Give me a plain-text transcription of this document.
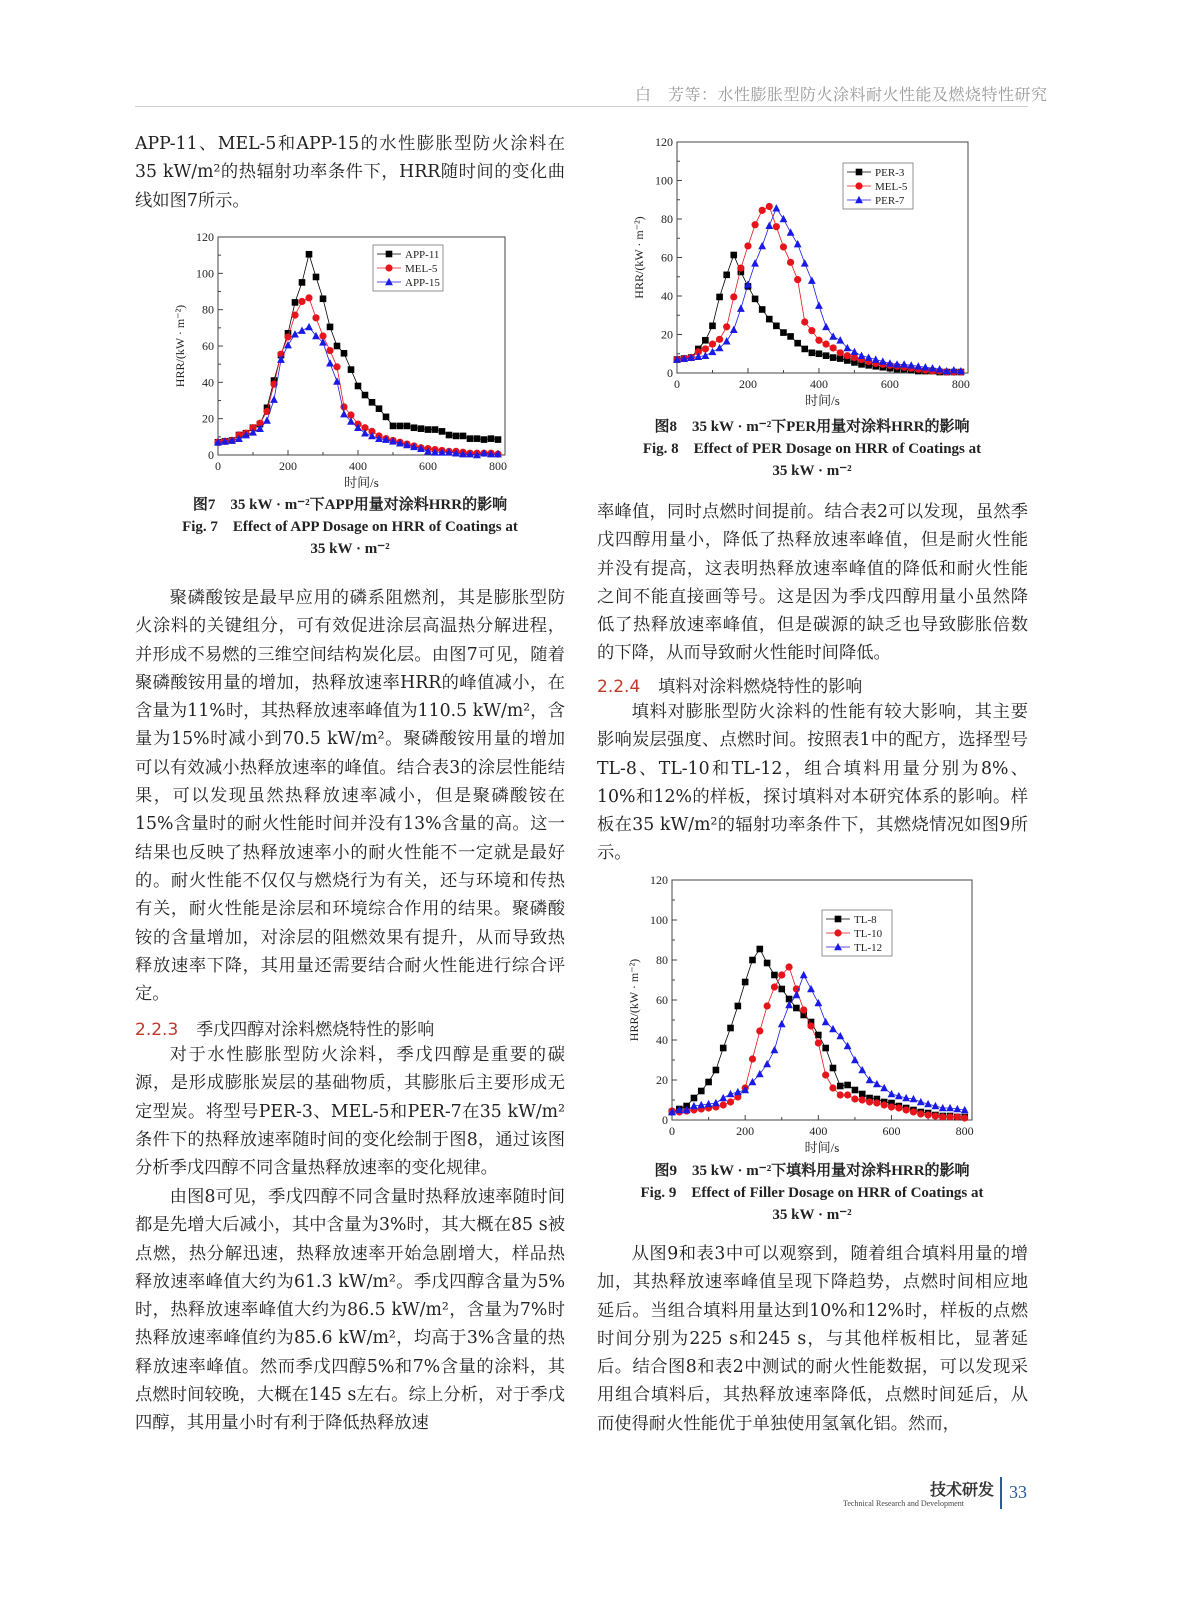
白　芳等：水性膨胀型防火涂料耐火性能及燃烧特性研究
APP-11、MEL-5和APP-15的水性膨胀型防火涂料在35 kW/m²的热辐射功率条件下，HRR随时间的变化曲线如图7所示。
0
20
40
60
80
100
120
0	200	400	600	800
时间/s
HRR/(kW · m⁻²)
APP-11
MEL-5
APP-15
图7　35 kW · m⁻²下APP用量对涂料HRR的影响
Fig. 7　Effect of APP Dosage on HRR of Coatings at
35 kW · m⁻²
聚磷酸铵是最早应用的磷系阻燃剂，其是膨胀型防火涂料的关键组分，可有效促进涂层高温热分解进程，并形成不易燃的三维空间结构炭化层。由图7可见，随着聚磷酸铵用量的增加，热释放速率HRR的峰值减小，在含量为11%时，其热释放速率峰值为110.5 kW/m²，含量为15%时减小到70.5 kW/m²。聚磷酸铵用量的增加可以有效减小热释放速率的峰值。结合表3的涂层性能结果，可以发现虽然热释放速率减小，但是聚磷酸铵在15%含量时的耐火性能时间并没有13%含量的高。这一结果也反映了热释放速率小的耐火性能不一定就是最好的。耐火性能不仅仅与燃烧行为有关，还与环境和传热有关，耐火性能是涂层和环境综合作用的结果。聚磷酸铵的含量增加，对涂层的阻燃效果有提升，从而导致热释放速率下降，其用量还需要结合耐火性能进行综合评定。
2.2.3 季戊四醇对涂料燃烧特性的影响
对于水性膨胀型防火涂料，季戊四醇是重要的碳源，是形成膨胀炭层的基础物质，其膨胀后主要形成无定型炭。将型号PER-3、MEL-5和PER-7在35 kW/m²条件下的热释放速率随时间的变化绘制于图8，通过该图分析季戊四醇不同含量热释放速率的变化规律。
由图8可见，季戊四醇不同含量时热释放速率随时间都是先增大后减小，其中含量为3%时，其大概在85 s被点燃，热分解迅速，热释放速率开始急剧增大，样品热释放速率峰值大约为61.3 kW/m²。季戊四醇含量为5%时，热释放速率峰值大约为86.5 kW/m²，含量为7%时热释放速率峰值约为85.6 kW/m²，均高于3%含量的热释放速率峰值。然而季戊四醇5%和7%含量的涂料，其点燃时间较晚，大概在145 s左右。综上分析，对于季戊四醇，其用量小时有利于降低热释放速
0
20
40
60
80
100
120
0	200	400	600	800
时间/s
HRR/(kW · m⁻²)
PER-3
MEL-5
PER-7
图8　35 kW · m⁻²下PER用量对涂料HRR的影响
Fig. 8　Effect of PER Dosage on HRR of Coatings at
35 kW · m⁻²
率峰值，同时点燃时间提前。结合表2可以发现，虽然季戊四醇用量小，降低了热释放速率峰值，但是耐火性能并没有提高，这表明热释放速率峰值的降低和耐火性能之间不能直接画等号。这是因为季戊四醇用量小虽然降低了热释放速率峰值，但是碳源的缺乏也导致膨胀倍数的下降，从而导致耐火性能时间降低。
2.2.4 填料对涂料燃烧特性的影响
填料对膨胀型防火涂料的性能有较大影响，其主要影响炭层强度、点燃时间。按照表1中的配方，选择型号TL-8、TL-10和TL-12，组合填料用量分别为8%、10%和12%的样板，探讨填料对本研究体系的影响。样板在35 kW/m²的辐射功率条件下，其燃烧情况如图9所示。
0
20
40
60
80
100
120
0	200	400	600	800
时间/s
HRR/(kW · m⁻²)
TL-8
TL-10
TL-12
图9　35 kW · m⁻²下填料用量对涂料HRR的影响
Fig. 9　Effect of Filler Dosage on HRR of Coatings at
35 kW · m⁻²
从图9和表3中可以观察到，随着组合填料用量的增加，其热释放速率峰值呈现下降趋势，点燃时间相应地延后。当组合填料用量达到10%和12%时，样板的点燃时间分别为225 s和245 s，与其他样板相比，显著延后。结合图8和表2中测试的耐火性能数据，可以发现采用组合填料后，其热释放速率降低，点燃时间延后，从而使得耐火性能优于单独使用氢氧化铝。然而，
技术研发
Technical Research and Development
33
